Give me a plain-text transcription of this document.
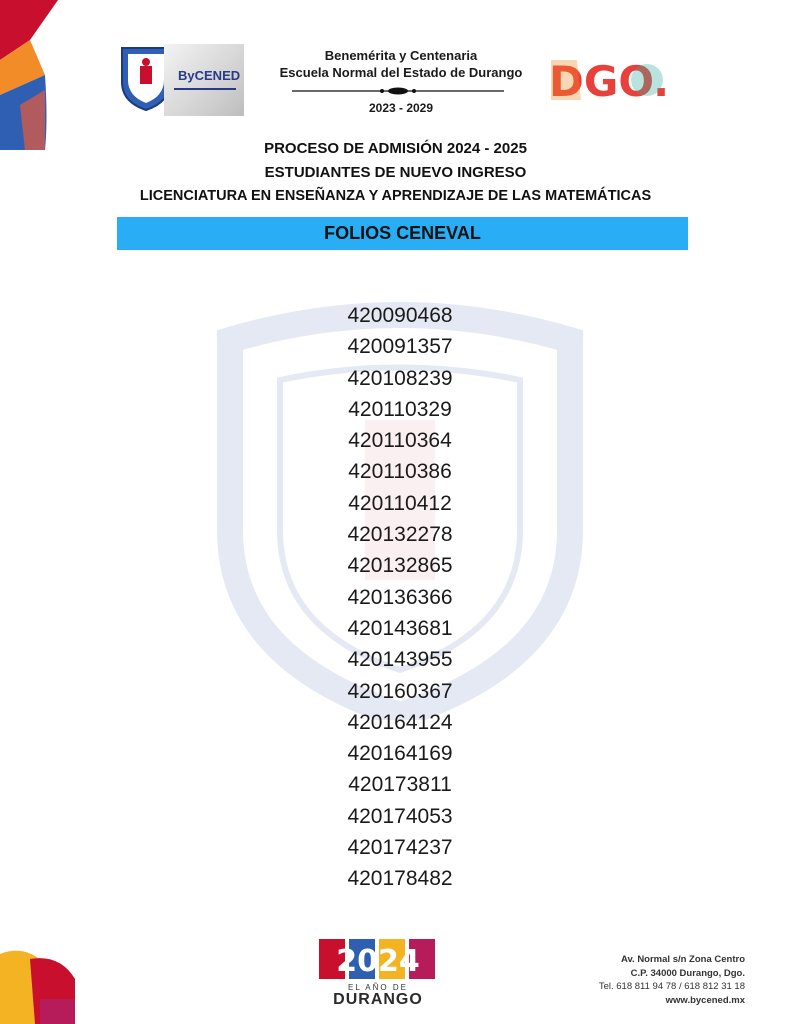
ByCENED
Benemérita y Centenaria
Escuela Normal del Estado de Durango
2023 - 2029
DGO.
PROCESO DE ADMISIÓN 2024 - 2025
ESTUDIANTES DE NUEVO INGRESO
LICENCIATURA EN ENSEÑANZA Y APRENDIZAJE DE LAS MATEMÁTICAS
FOLIOS CENEVAL
420090468
420091357
420108239
420110329
420110364
420110386
420110412
420132278
420132865
420136366
420143681
420143955
420160367
420164124
420164169
420173811
420174053
420174237
420178482
2024
EL AÑO DE
DURANGO
Av. Normal s/n Zona Centro
C.P. 34000 Durango, Dgo.
Tel. 618 811 94 78 / 618 812 31 18
www.bycened.mx
